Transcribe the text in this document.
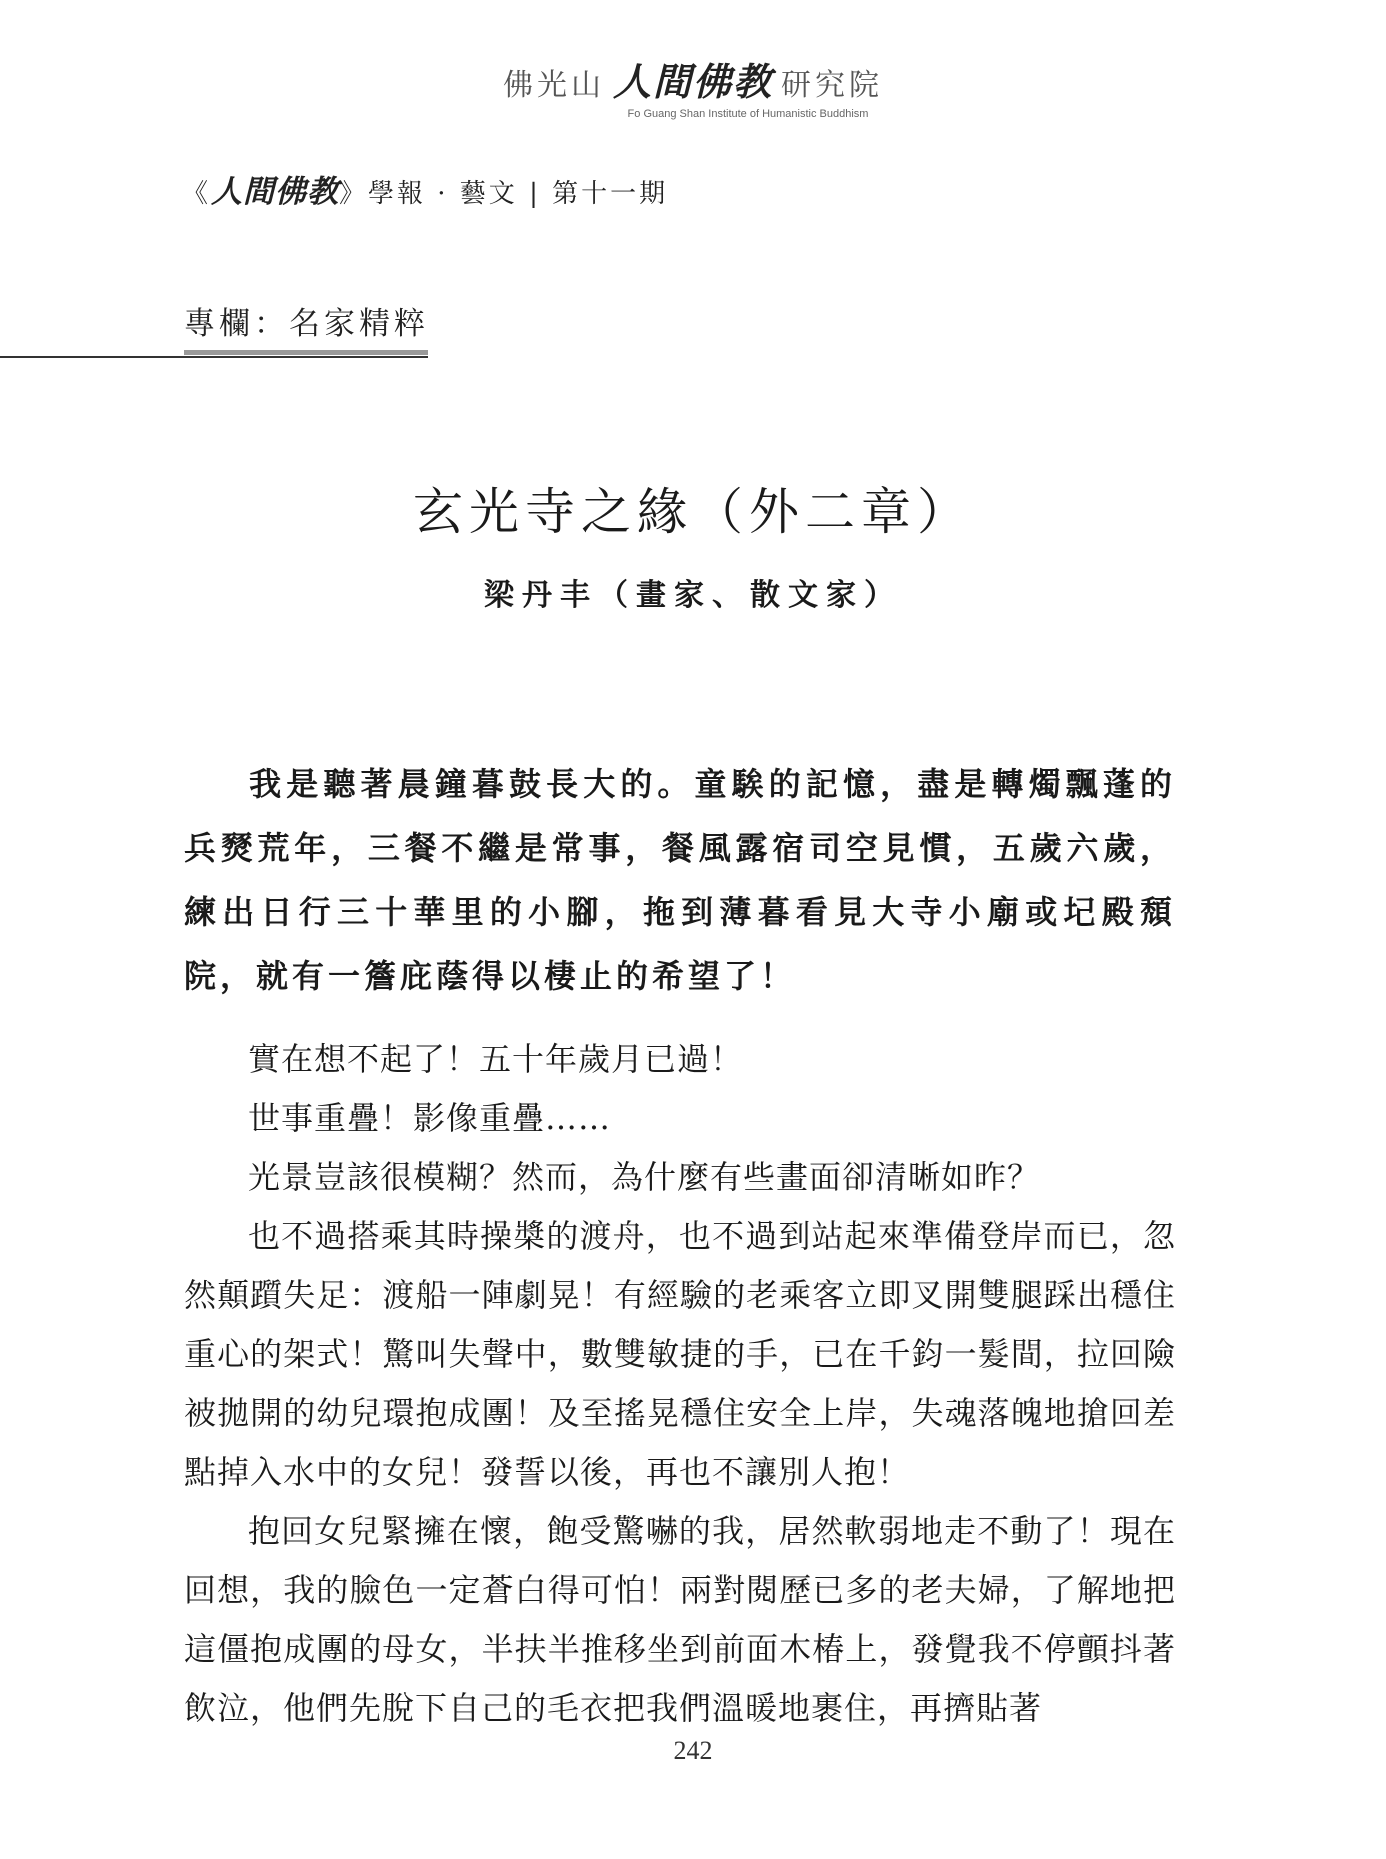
佛光山 人間佛教 研究院
Fo Guang Shan Institute of Humanistic Buddhism
《人間佛教》學報 · 藝文 | 第十一期
專欄：名家精粹
玄光寺之緣（外二章）
梁丹丰（畫家、散文家）

我是聽著晨鐘暮鼓長大的。童騃的記憶，盡是轉燭飄蓬的兵燹荒年，三餐不繼是常事，餐風露宿司空見慣，五歲六歲，練出日行三十華里的小腳，拖到薄暮看見大寺小廟或圮殿頹院，就有一簷庇蔭得以棲止的希望了！

實在想不起了！五十年歲月已過！

世事重疊！影像重疊……

光景豈該很模糊？然而，為什麼有些畫面卻清晰如昨？

也不過搭乘其時操槳的渡舟，也不過到站起來準備登岸而已，忽然顛躓失足：渡船一陣劇晃！有經驗的老乘客立即叉開雙腿踩出穩住重心的架式！驚叫失聲中，數雙敏捷的手，已在千鈞一髮間，拉回險被拋開的幼兒環抱成團！及至搖晃穩住安全上岸，失魂落魄地搶回差點掉入水中的女兒！發誓以後，再也不讓別人抱！

抱回女兒緊擁在懷，飽受驚嚇的我，居然軟弱地走不動了！現在回想，我的臉色一定蒼白得可怕！兩對閱歷已多的老夫婦，了解地把這僵抱成團的母女，半扶半推移坐到前面木椿上，發覺我不停顫抖著飲泣，他們先脫下自己的毛衣把我們溫暖地裹住，再擠貼著

242
